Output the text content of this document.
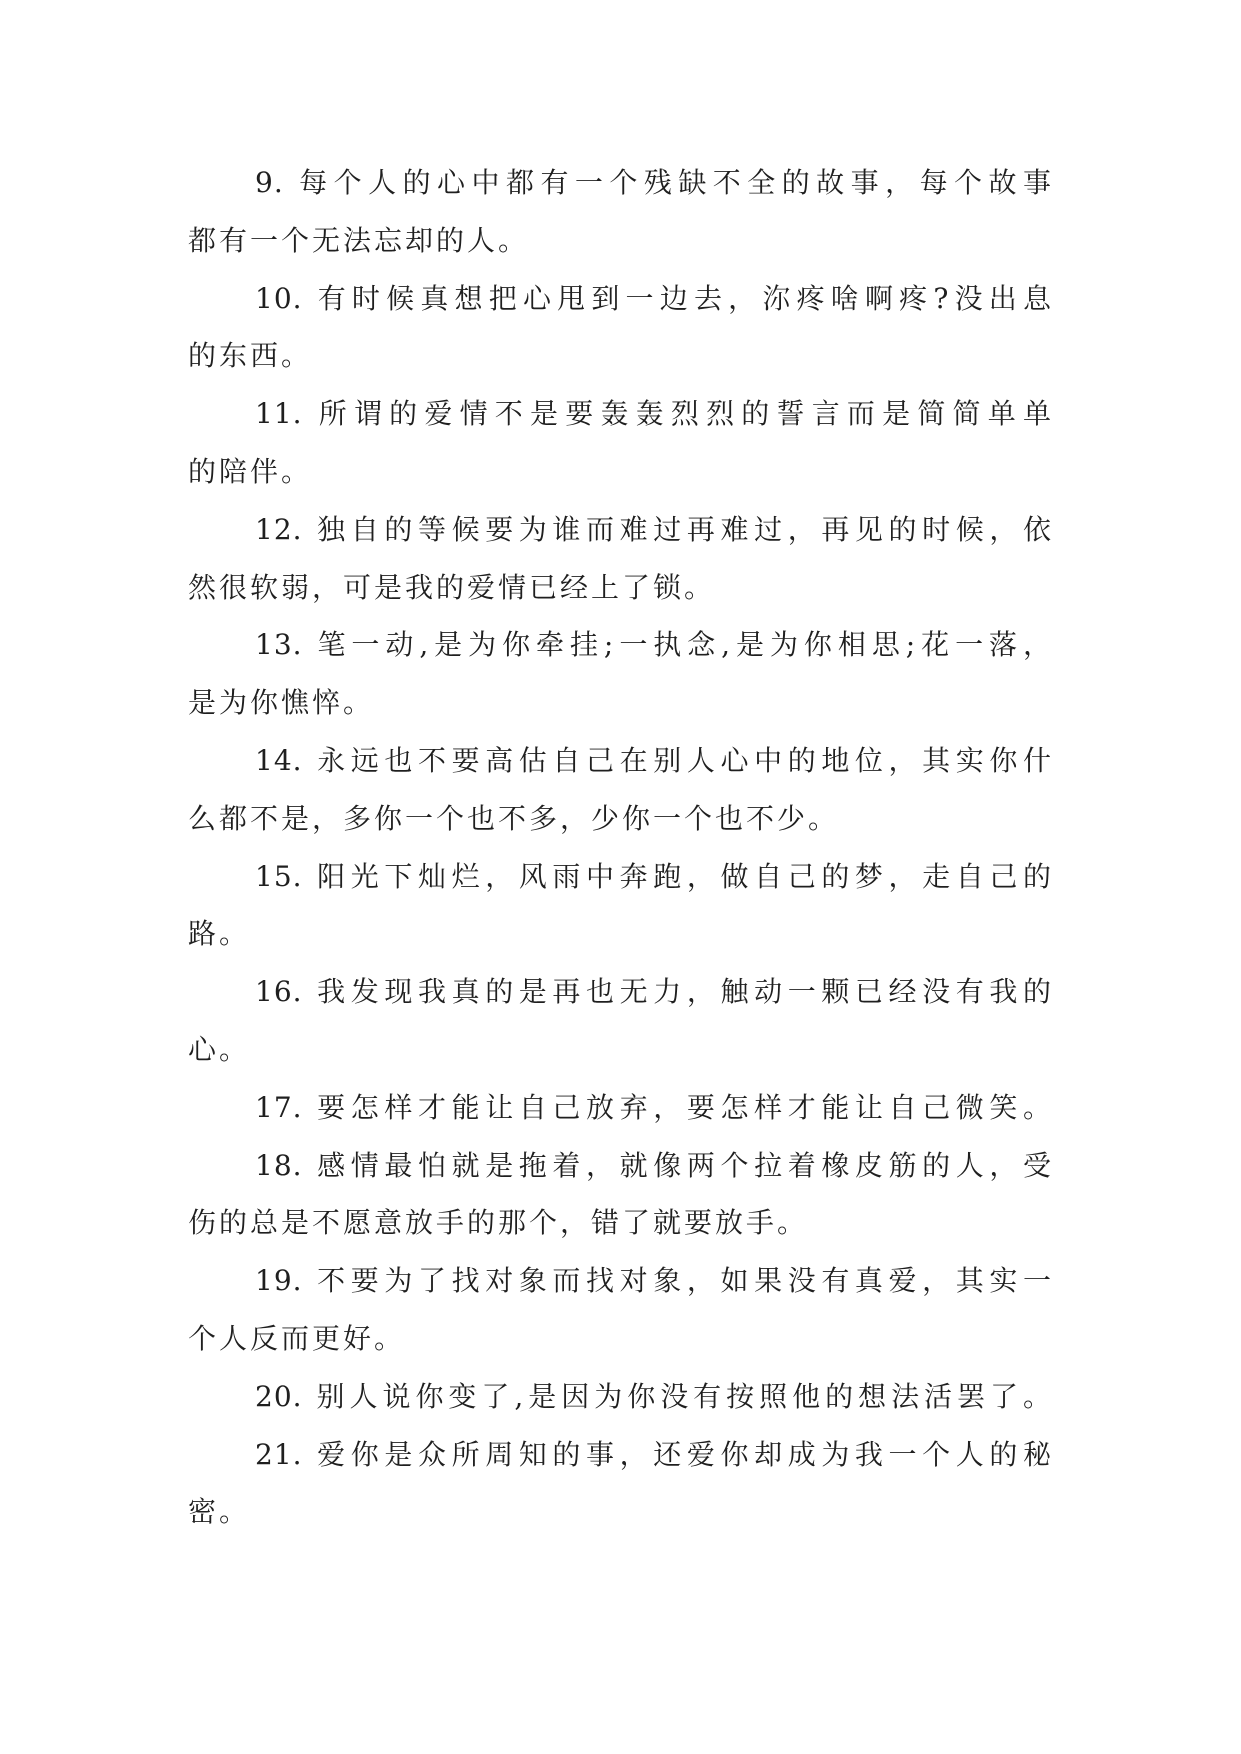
9. 每个人的心中都有一个残缺不全的故事，每个故事
都有一个无法忘却的人。
10. 有时候真想把心甩到一边去，沵疼啥啊疼?没出息
的东西。
11. 所谓的爱情不是要轰轰烈烈的誓言而是简简单单
的陪伴。
12. 独自的等候要为谁而难过再难过，再见的时候，依
然很软弱，可是我的爱情已经上了锁。
13. 笔一动,是为你牵挂;一执念,是为你相思;花一落，
是为你憔悴。
14. 永远也不要高估自己在别人心中的地位，其实你什
么都不是，多你一个也不多，少你一个也不少。
15. 阳光下灿烂，风雨中奔跑，做自己的梦，走自己的
路。
16. 我发现我真的是再也无力，触动一颗已经没有我的
心。
17. 要怎样才能让自己放弃，要怎样才能让自己微笑。
18. 感情最怕就是拖着，就像两个拉着橡皮筋的人，受
伤的总是不愿意放手的那个，错了就要放手。
19. 不要为了找对象而找对象，如果没有真爱，其实一
个人反而更好。
20. 别人说你变了,是因为你没有按照他的想法活罢了。
21. 爱你是众所周知的事，还爱你却成为我一个人的秘
密。
